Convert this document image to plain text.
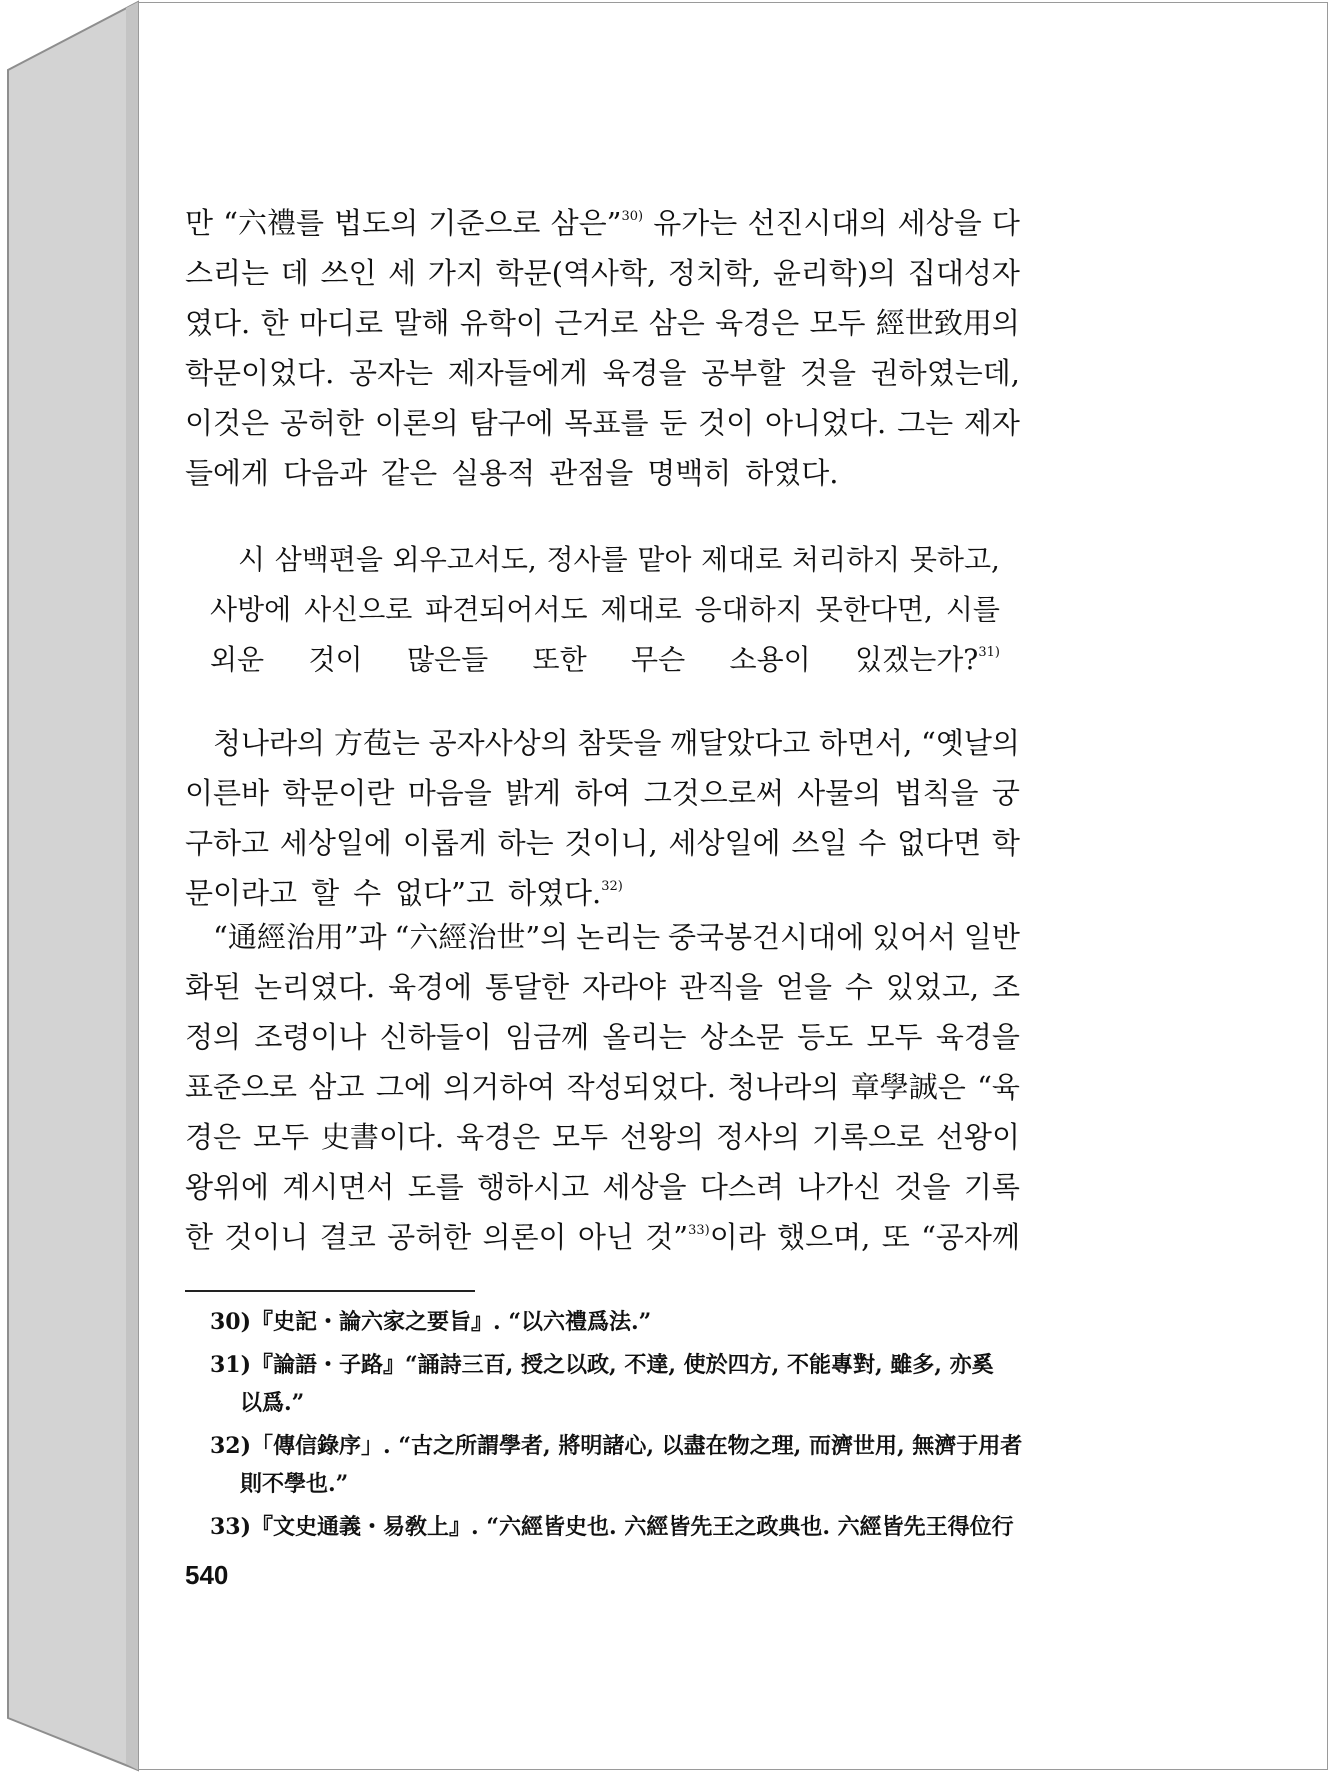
만 “六禮를 법도의 기준으로 삼은”$^{30)}$ 유가는 선진시대의 세상을 다
스리는 데 쓰인 세 가지 학문(역사학, 정치학, 윤리학)의 집대성자
였다. 한 마디로 말해 유학이 근거로 삼은 육경은 모두 經世致用의
학문이었다. 공자는 제자들에게 육경을 공부할 것을 권하였는데,
이것은 공허한 이론의 탐구에 목표를 둔 것이 아니었다. 그는 제자
들에게 다음과 같은 실용적 관점을 명백히 하였다.
시 삼백편을 외우고서도, 정사를 맡아 제대로 처리하지 못하고,
사방에 사신으로 파견되어서도 제대로 응대하지 못한다면, 시를
외운 것이 많은들 또한 무슨 소용이 있겠는가?$^{31)}$
청나라의 方苞는 공자사상의 참뜻을 깨달았다고 하면서, “옛날의
이른바 학문이란 마음을 밝게 하여 그것으로써 사물의 법칙을 궁
구하고 세상일에 이롭게 하는 것이니, 세상일에 쓰일 수 없다면 학
문이라고 할 수 없다”고 하였다.$^{32)}$
“通經治用”과 “六經治世”의 논리는 중국봉건시대에 있어서 일반
화된 논리였다. 육경에 통달한 자라야 관직을 얻을 수 있었고, 조
정의 조령이나 신하들이 임금께 올리는 상소문 등도 모두 육경을
표준으로 삼고 그에 의거하여 작성되었다. 청나라의 章學誠은 “육
경은 모두 史書이다. 육경은 모두 선왕의 정사의 기록으로 선왕이
왕위에 계시면서 도를 행하시고 세상을 다스려 나가신 것을 기록
한 것이니 결코 공허한 의론이 아닌 것”$^{33)}$이라 했으며, 또 “공자께
30)『史記・論六家之要旨』. “以六禮爲法.”
31)『論語・子路』“誦詩三百, 授之以政, 不達, 使於四方, 不能專對, 雖多, 亦奚
以爲.”
32)「傳信錄序」. “古之所謂學者, 將明諸心, 以盡在物之理, 而濟世用, 無濟于用者
則不學也.”
33)『文史通義・易敎上』. “六經皆史也. 六經皆先王之政典也. 六經皆先王得位行
540
